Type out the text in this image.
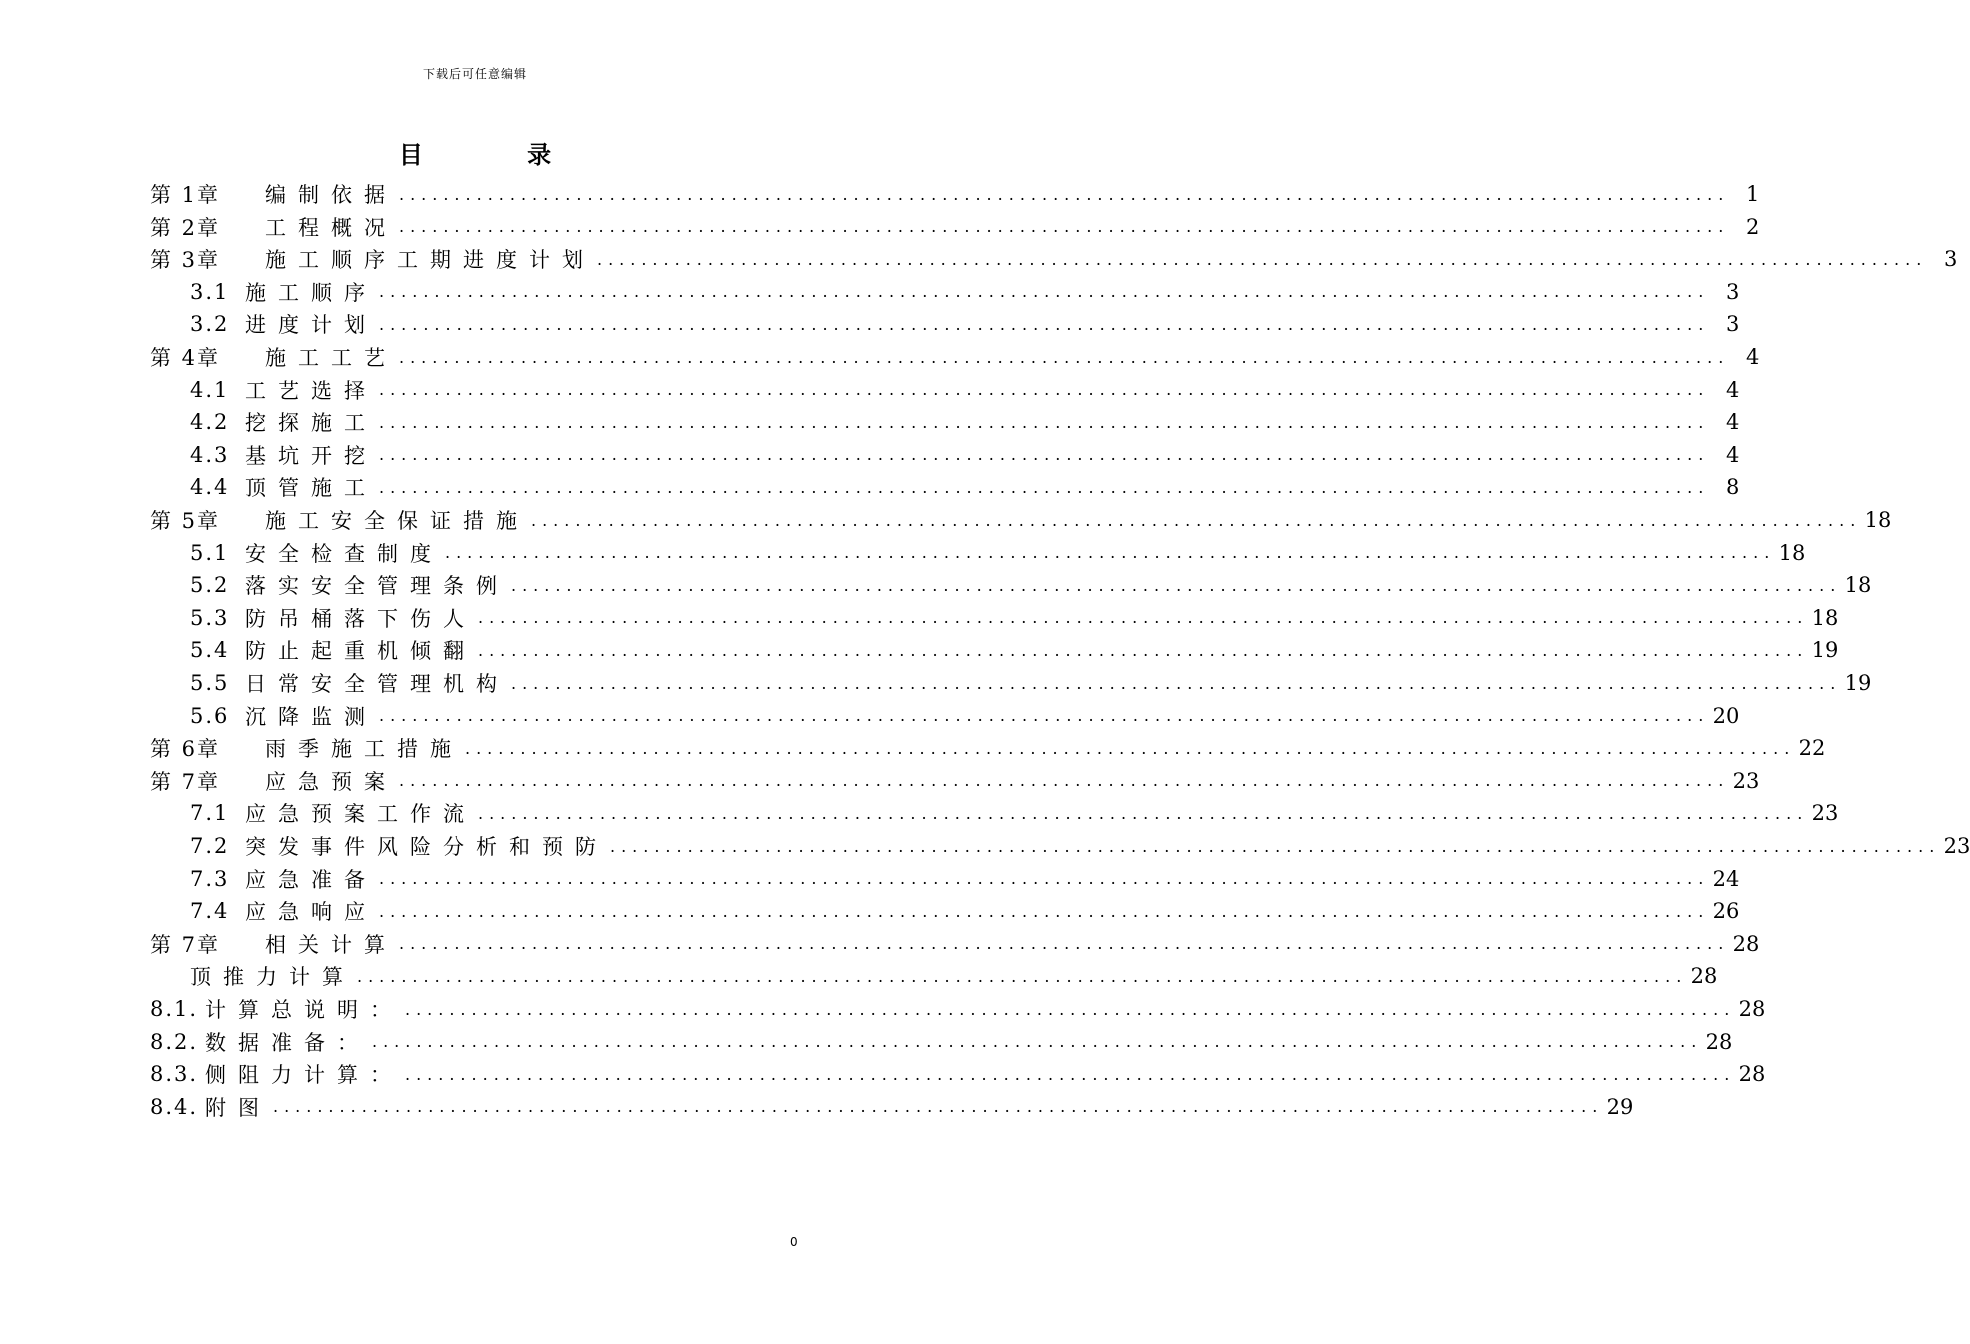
下载后可任意编辑
目 录
第 1章	编制依据 ........................................................................................................................ 1
第 2章	工程概况 ........................................................................................................................ 2
第 3章	施工顺序工期进度计划 ........................................................................................................................ 3
3.1 施工顺序 ........................................................................................................................ 3
3.2 进度计划 ........................................................................................................................ 3
第 4章	施工工艺 ........................................................................................................................ 4
4.1 工艺选择 ........................................................................................................................ 4
4.2 挖探施工 ........................................................................................................................ 4
4.3 基坑开挖 ........................................................................................................................ 4
4.4 顶管施工 ........................................................................................................................ 8
第 5章	施工安全保证措施 ........................................................................................................................ 18
5.1 安全检查制度 ........................................................................................................................ 18
5.2 落实安全管理条例 ........................................................................................................................ 18
5.3 防吊桶落下伤人 ........................................................................................................................ 18
5.4 防止起重机倾翻 ........................................................................................................................ 19
5.5 日常安全管理机构 ........................................................................................................................ 19
5.6 沉降监测 ........................................................................................................................ 20
第 6章	雨季施工措施 ........................................................................................................................ 22
第 7章	应急预案 ........................................................................................................................ 23
7.1 应急预案工作流 ........................................................................................................................ 23
7.2 突发事件风险分析和预防 ........................................................................................................................ 23
7.3 应急准备 ........................................................................................................................ 24
7.4 应急响应 ........................................................................................................................ 26
第 7章	相关计算 ........................................................................................................................ 28
顶推力计算 ........................................................................................................................ 28
8.1. 计算总说明： ........................................................................................................................ 28
8.2. 数据准备： ........................................................................................................................ 28
8.3. 侧阻力计算： ........................................................................................................................ 28
8.4. 附图 ........................................................................................................................ 29
0
